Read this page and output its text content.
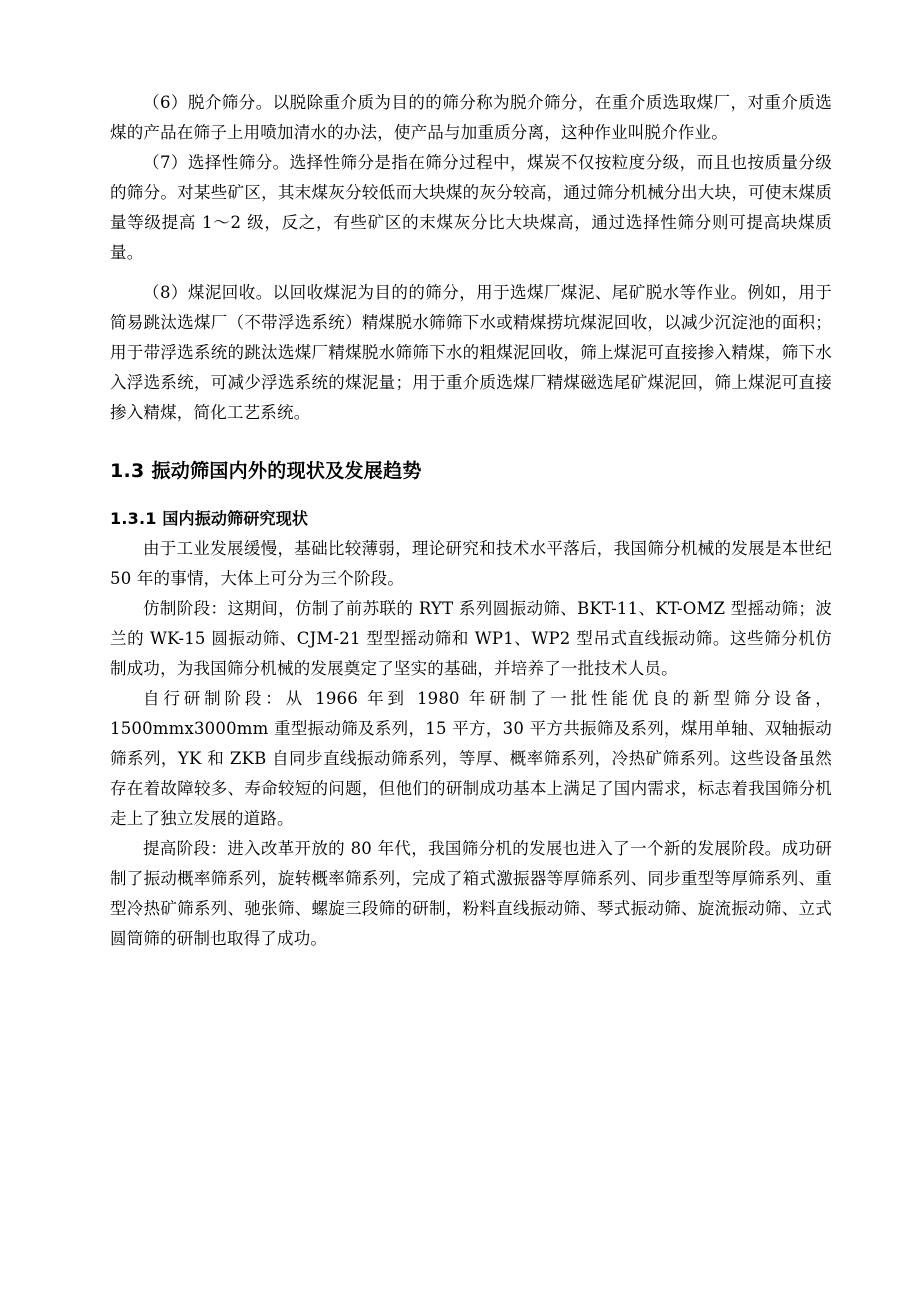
（6）脱介筛分。以脱除重介质为目的的筛分称为脱介筛分，在重介质选取煤厂，对重介质选煤的产品在筛子上用喷加清水的办法，使产品与加重质分离，这种作业叫脱介作业。

（7）选择性筛分。选择性筛分是指在筛分过程中，煤炭不仅按粒度分级，而且也按质量分级的筛分。对某些矿区，其末煤灰分较低而大块煤的灰分较高，通过筛分机械分出大块，可使末煤质量等级提高 1～2 级，反之，有些矿区的末煤灰分比大块煤高，通过选择性筛分则可提高块煤质量。

（8）煤泥回收。以回收煤泥为目的的筛分，用于选煤厂煤泥、尾矿脱水等作业。例如，用于简易跳汰选煤厂（不带浮选系统）精煤脱水筛筛下水或精煤捞坑煤泥回收，以减少沉淀池的面积；用于带浮选系统的跳汰选煤厂精煤脱水筛筛下水的粗煤泥回收，筛上煤泥可直接掺入精煤，筛下水入浮选系统，可减少浮选系统的煤泥量；用于重介质选煤厂精煤磁选尾矿煤泥回，筛上煤泥可直接掺入精煤，简化工艺系统。

1.3 振动筛国内外的现状及发展趋势
1.3.1 国内振动筛研究现状

由于工业发展缓慢，基础比较薄弱，理论研究和技术水平落后，我国筛分机械的发展是本世纪 50 年的事情，大体上可分为三个阶段。

仿制阶段：这期间，仿制了前苏联的 RYT 系列圆振动筛、BKT-11、KT-OMZ 型摇动筛；波兰的 WK-15 圆振动筛、CJM-21 型型摇动筛和 WP1、WP2 型吊式直线振动筛。这些筛分机仿制成功，为我国筛分机械的发展奠定了坚实的基础，并培养了一批技术人员。

自行研制阶段：从 1966 年到 1980 年研制了一批性能优良的新型筛分设备，1500mmx3000mm 重型振动筛及系列，15 平方，30 平方共振筛及系列，煤用单轴、双轴振动筛系列，YK 和 ZKB 自同步直线振动筛系列，等厚、概率筛系列，冷热矿筛系列。这些设备虽然存在着故障较多、寿命较短的问题，但他们的研制成功基本上满足了国内需求，标志着我国筛分机走上了独立发展的道路。

提高阶段：进入改革开放的 80 年代，我国筛分机的发展也进入了一个新的发展阶段。成功研制了振动概率筛系列，旋转概率筛系列，完成了箱式激振器等厚筛系列、同步重型等厚筛系列、重型冷热矿筛系列、驰张筛、螺旋三段筛的研制，粉料直线振动筛、琴式振动筛、旋流振动筛、立式圆筒筛的研制也取得了成功。
